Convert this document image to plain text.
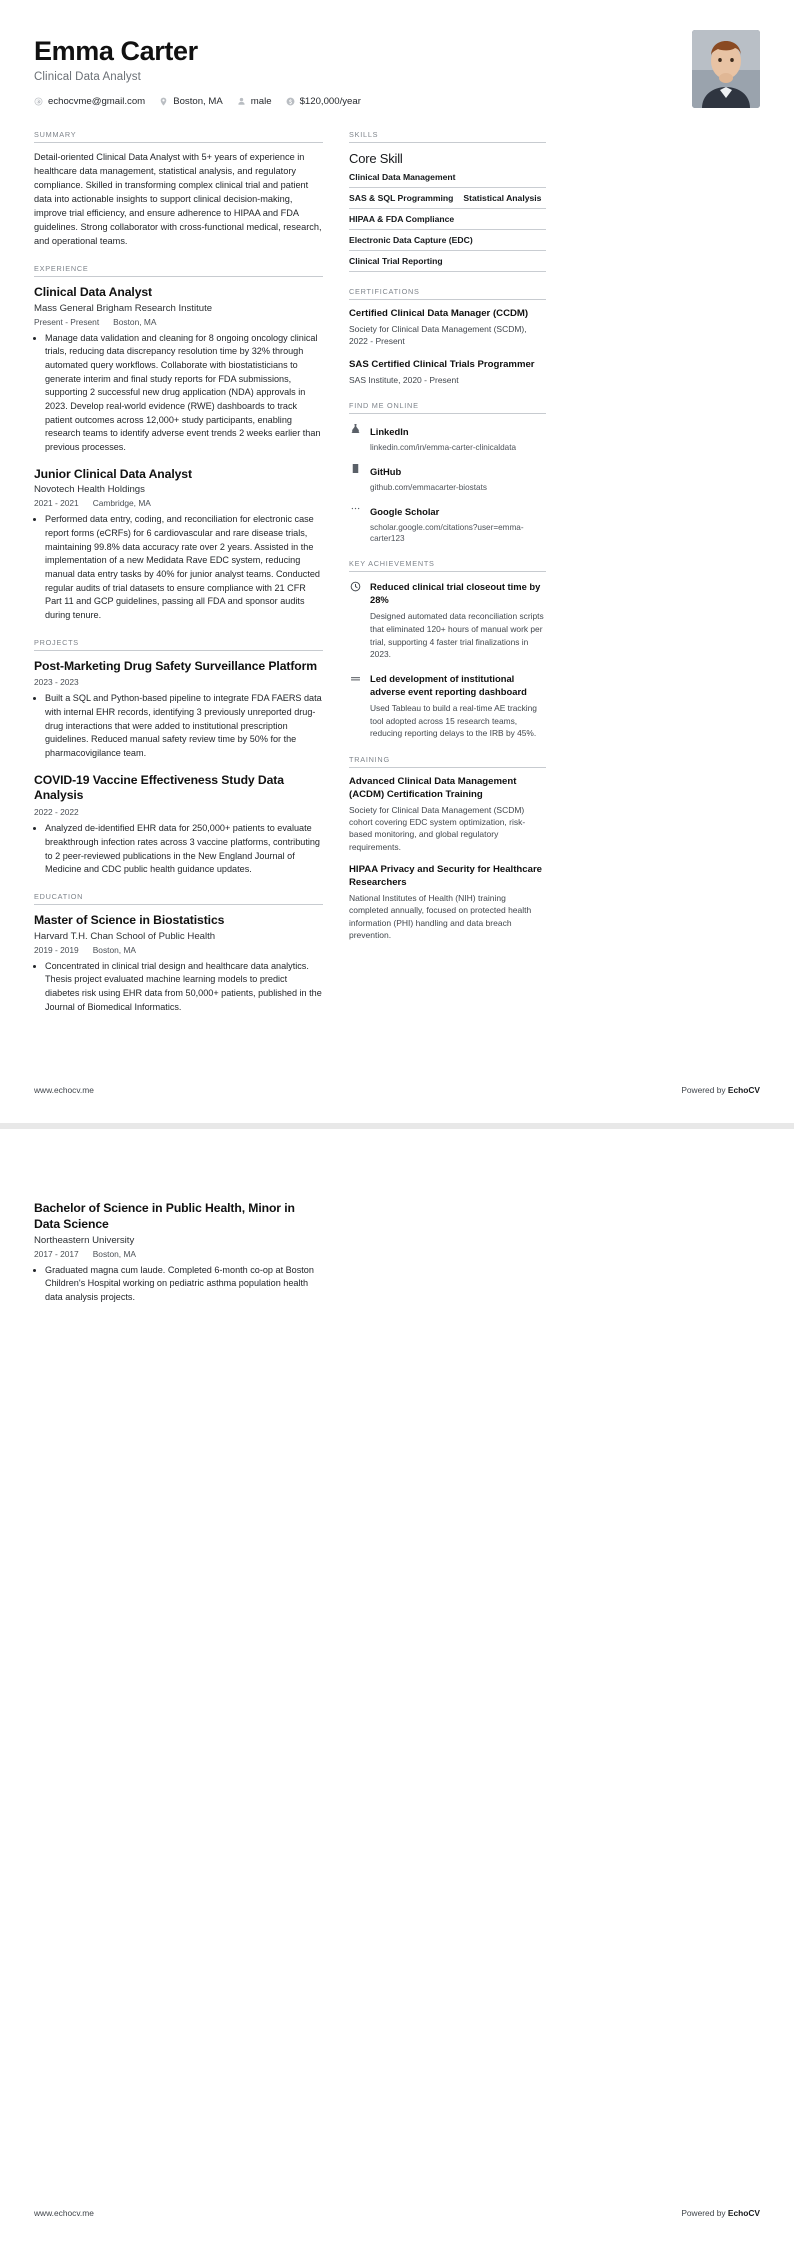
Emma Carter
Clinical Data Analyst
echocvme@gmail.com	Boston, MA	male	$120,000/year
SUMMARY
Detail-oriented Clinical Data Analyst with 5+ years of experience in healthcare data management, statistical analysis, and regulatory compliance. Skilled in transforming complex clinical trial and patient data into actionable insights to support clinical decision-making, improve trial efficiency, and ensure adherence to HIPAA and FDA guidelines. Strong collaborator with cross-functional medical, research, and operational teams.
EXPERIENCE
Clinical Data Analyst
Mass General Brigham Research Institute
Present - Present Boston, MA
• Manage data validation and cleaning for 8 ongoing oncology clinical trials, reducing data discrepancy resolution time by 32% through automated query workflows. Collaborate with biostatisticians to generate interim and final study reports for FDA submissions, supporting 2 successful new drug application (NDA) approvals in 2023. Develop real-world evidence (RWE) dashboards to track patient outcomes across 12,000+ study participants, enabling research teams to identify adverse event trends 2 weeks earlier than previous processes.
Junior Clinical Data Analyst
Novotech Health Holdings
2021 - 2021 Cambridge, MA
• Performed data entry, coding, and reconciliation for electronic case report forms (eCRFs) for 6 cardiovascular and rare disease trials, maintaining 99.8% data accuracy rate over 2 years. Assisted in the implementation of a new Medidata Rave EDC system, reducing manual data entry tasks by 40% for junior analyst teams. Conducted regular audits of trial datasets to ensure compliance with 21 CFR Part 11 and GCP guidelines, passing all FDA and sponsor audits during tenure.
PROJECTS
Post-Marketing Drug Safety Surveillance Platform
2023 - 2023
• Built a SQL and Python-based pipeline to integrate FDA FAERS data with internal EHR records, identifying 3 previously unreported drug-drug interactions that were added to institutional prescription guidelines. Reduced manual safety review time by 50% for the pharmacovigilance team.
COVID-19 Vaccine Effectiveness Study Data Analysis
2022 - 2022
• Analyzed de-identified EHR data for 250,000+ patients to evaluate breakthrough infection rates across 3 vaccine platforms, contributing to 2 peer-reviewed publications in the New England Journal of Medicine and CDC public health guidance updates.
EDUCATION
Master of Science in Biostatistics
Harvard T.H. Chan School of Public Health
2019 - 2019 Boston, MA
• Concentrated in clinical trial design and healthcare data analytics. Thesis project evaluated machine learning models to predict diabetes risk using EHR data from 50,000+ patients, published in the Journal of Biomedical Informatics.
SKILLS
Core Skill
Clinical Data Management
SAS & SQL Programming Statistical Analysis
HIPAA & FDA Compliance
Electronic Data Capture (EDC)
Clinical Trial Reporting
CERTIFICATIONS
Certified Clinical Data Manager (CCDM)
Society for Clinical Data Management (SCDM), 2022 - Present
SAS Certified Clinical Trials Programmer
SAS Institute, 2020 - Present
FIND ME ONLINE
LinkedIn
linkedin.com/in/emma-carter-clinicaldata
GitHub
github.com/emmacarter-biostats
Google Scholar
scholar.google.com/citations?user=emma-carter123
KEY ACHIEVEMENTS
Reduced clinical trial closeout time by 28%
Designed automated data reconciliation scripts that eliminated 120+ hours of manual work per trial, supporting 4 faster trial finalizations in 2023.
Led development of institutional adverse event reporting dashboard
Used Tableau to build a real-time AE tracking tool adopted across 15 research teams, reducing reporting delays to the IRB by 45%.
TRAINING
Advanced Clinical Data Management (ACDM) Certification Training
Society for Clinical Data Management (SCDM) cohort covering EDC system optimization, risk-based monitoring, and global regulatory requirements.
HIPAA Privacy and Security for Healthcare Researchers
National Institutes of Health (NIH) training completed annually, focused on protected health information (PHI) handling and data breach prevention.
www.echocv.me	Powered by EchoCV
Bachelor of Science in Public Health, Minor in Data Science
Northeastern University
2017 - 2017 Boston, MA
• Graduated magna cum laude. Completed 6-month co-op at Boston Children's Hospital working on pediatric asthma population health data analysis projects.
www.echocv.me	Powered by EchoCV
